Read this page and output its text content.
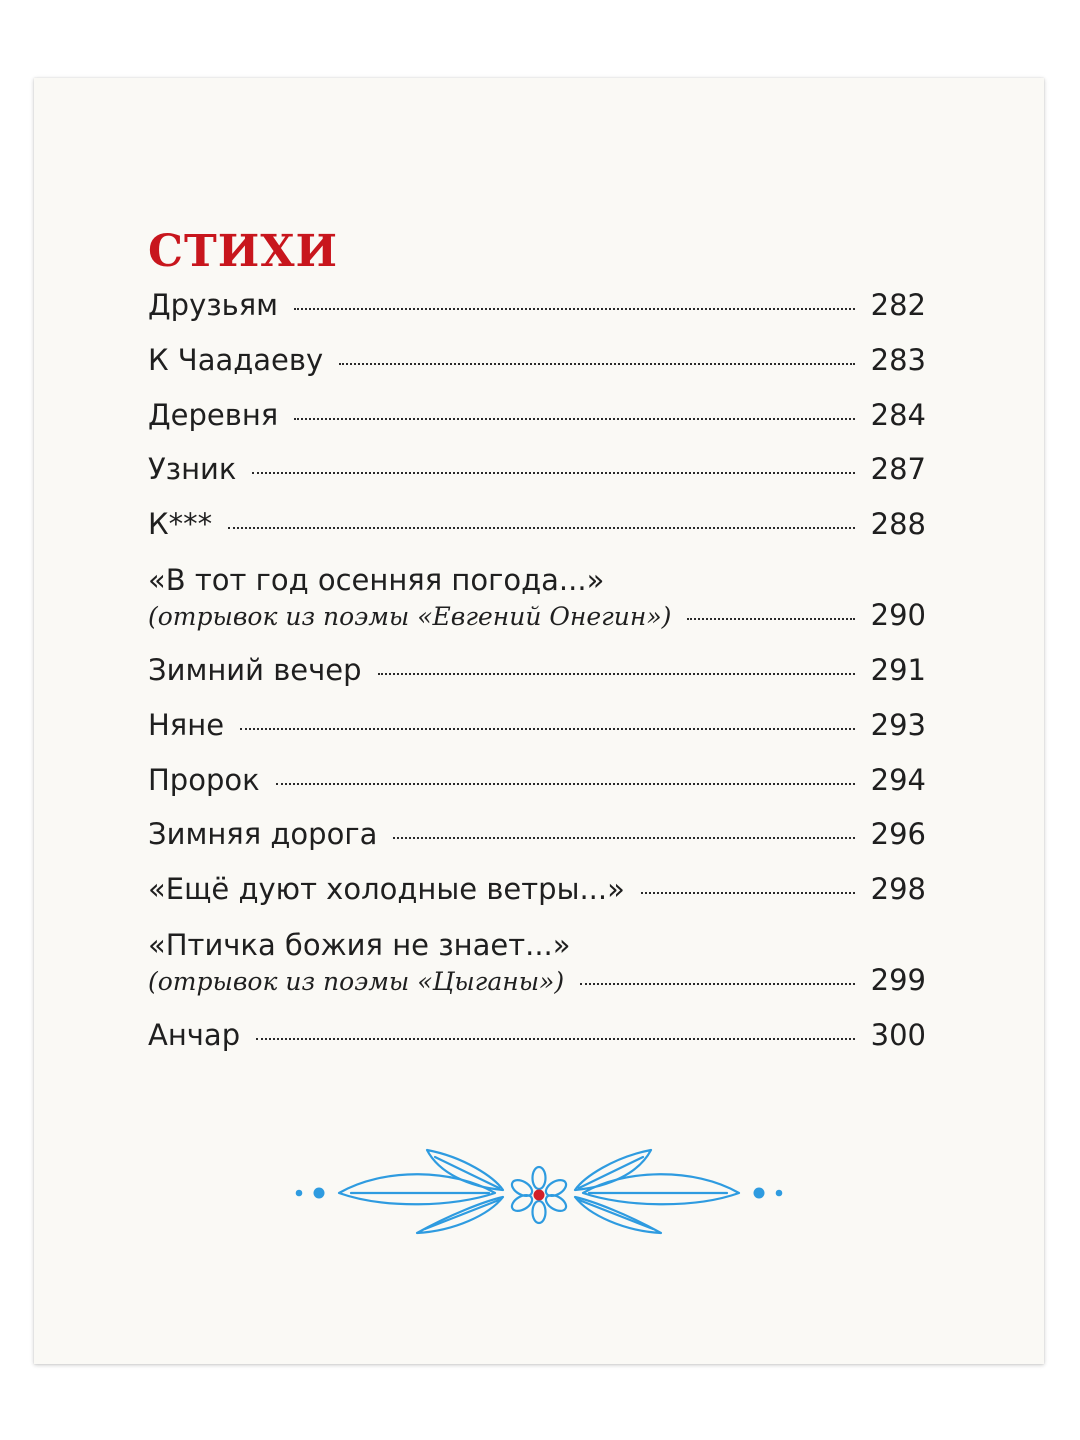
СТИХИ
Друзьям	282
К Чаадаеву	283
Деревня	284
Узник	287
К***	288
«В тот год осенняя погода...»
(отрывок из поэмы «Евгений Онегин»)	290
Зимний вечер	291
Няне	293
Пророк	294
Зимняя дорога	296
«Ещё дуют холодные ветры...»	298
«Птичка божия не знает...»
(отрывок из поэмы «Цыганы»)	299
Анчар	300
